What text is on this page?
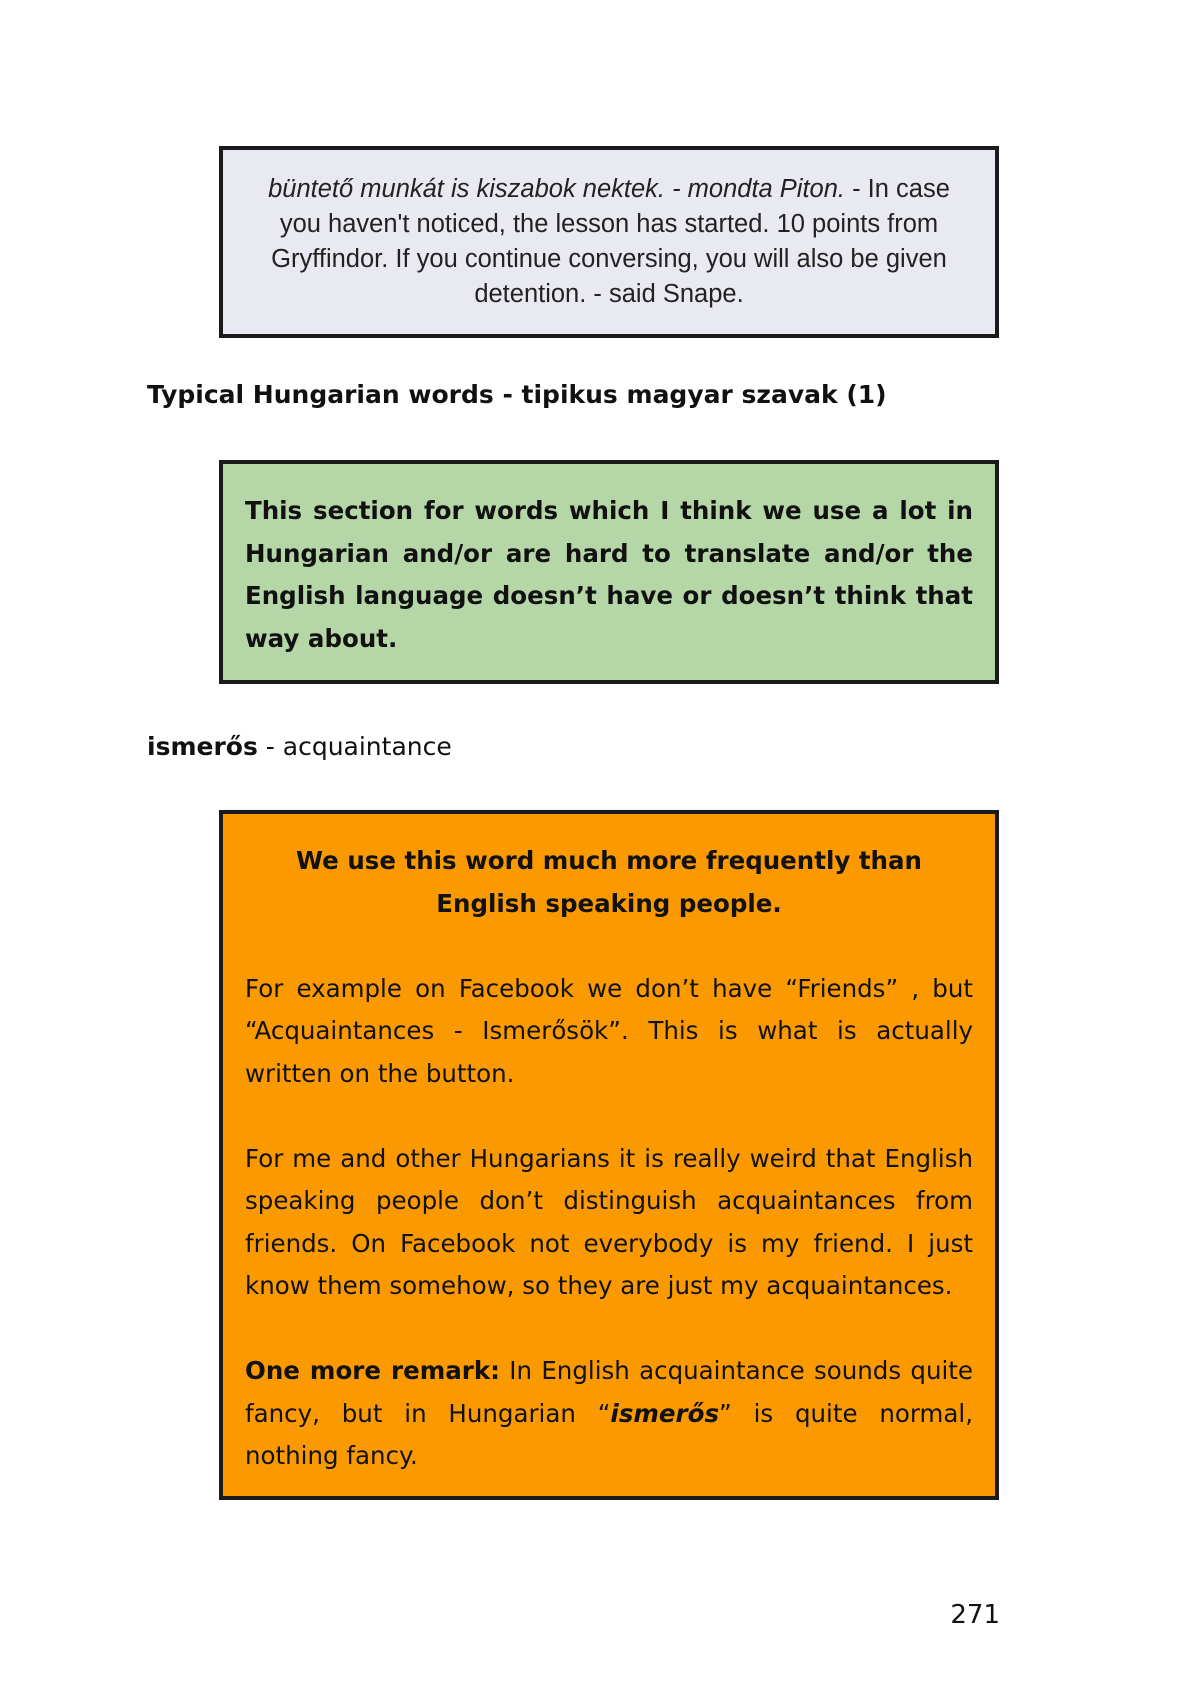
büntető munkát is kiszabok nektek. - mondta Piton. - In case you haven't noticed, the lesson has started. 10 points from Gryffindor. If you continue conversing, you will also be given detention. - said Snape.
Typical Hungarian words - tipikus magyar szavak (1)
This section for words which I think we use a lot in Hungarian and/or are hard to translate and/or the English language doesn’t have or doesn’t think that way about.
ismerős - acquaintance

We use this word much more frequently than English speaking people.

For example on Facebook we don’t have “Friends” , but “Acquaintances - Ismerősök”. This is what is actually written on the button.

For me and other Hungarians it is really weird that English speaking people don’t distinguish acquaintances from friends. On Facebook not everybody is my friend. I just know them somehow, so they are just my acquaintances.

One more remark: In English acquaintance sounds quite fancy, but in Hungarian “ismerős” is quite normal, nothing fancy.

271
